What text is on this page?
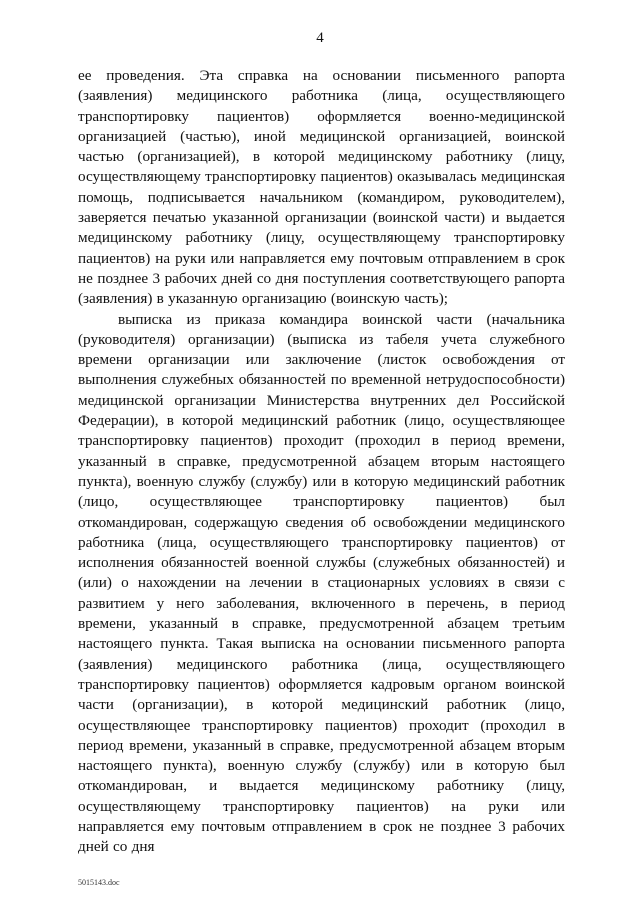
4

ее проведения. Эта справка на основании письменного рапорта (заявления) медицинского работника (лица, осуществляющего транспортировку пациентов) оформляется военно-медицинской организацией (частью), иной медицинской организацией, воинской частью (организацией), в которой медицинскому работнику (лицу, осуществляющему транспортировку пациентов) оказывалась медицинская помощь, подписывается начальником (командиром, руководителем), заверяется печатью указанной организации (воинской части) и выдается медицинскому работнику (лицу, осуществляющему транспортировку пациентов) на руки или направляется ему почтовым отправлением в срок не позднее 3 рабочих дней со дня поступления соответствующего рапорта (заявления) в указанную организацию (воинскую часть);

выписка из приказа командира воинской части (начальника (руководителя) организации) (выписка из табеля учета служебного времени организации или заключение (листок освобождения от выполнения служебных обязанностей по временной нетрудоспособности) медицинской организации Министерства внутренних дел Российской Федерации), в которой медицинский работник (лицо, осуществляющее транспортировку пациентов) проходит (проходил в период времени, указанный в справке, предусмотренной абзацем вторым настоящего пункта), военную службу (службу) или в которую медицинский работник (лицо, осуществляющее транспортировку пациентов) был откомандирован, содержащую сведения об освобождении медицинского работника (лица, осуществляющего транспортировку пациентов) от исполнения обязанностей военной службы (служебных обязанностей) и (или) о нахождении на лечении в стационарных условиях в связи с развитием у него заболевания, включенного в перечень, в период времени, указанный в справке, предусмотренной абзацем третьим настоящего пункта. Такая выписка на основании письменного рапорта (заявления) медицинского работника (лица, осуществляющего транспортировку пациентов) оформляется кадровым органом воинской части (организации), в которой медицинский работник (лицо, осуществляющее транспортировку пациентов) проходит (проходил в период времени, указанный в справке, предусмотренной абзацем вторым настоящего пункта), военную службу (службу) или в которую был откомандирован, и выдается медицинскому работнику (лицу, осуществляющему транспортировку пациентов) на руки или направляется ему почтовым отправлением в срок не позднее 3 рабочих дней со дня

5015143.doc
